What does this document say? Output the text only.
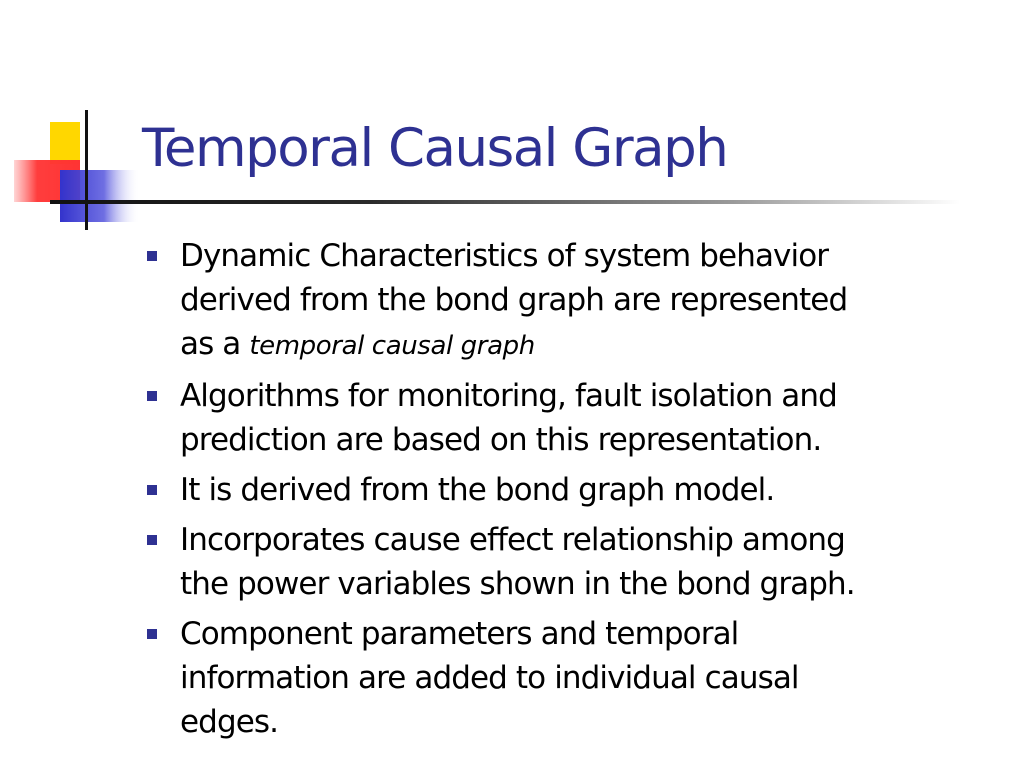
Temporal Causal Graph
Dynamic Characteristics of system behavior
derived from the bond graph are represented
as a temporal causal graph
Algorithms for monitoring, fault isolation and
prediction are based on this representation.
It is derived from the bond graph model.
Incorporates cause effect relationship among
the power variables shown in the bond graph.
Component parameters and temporal
information are added to individual causal
edges.
